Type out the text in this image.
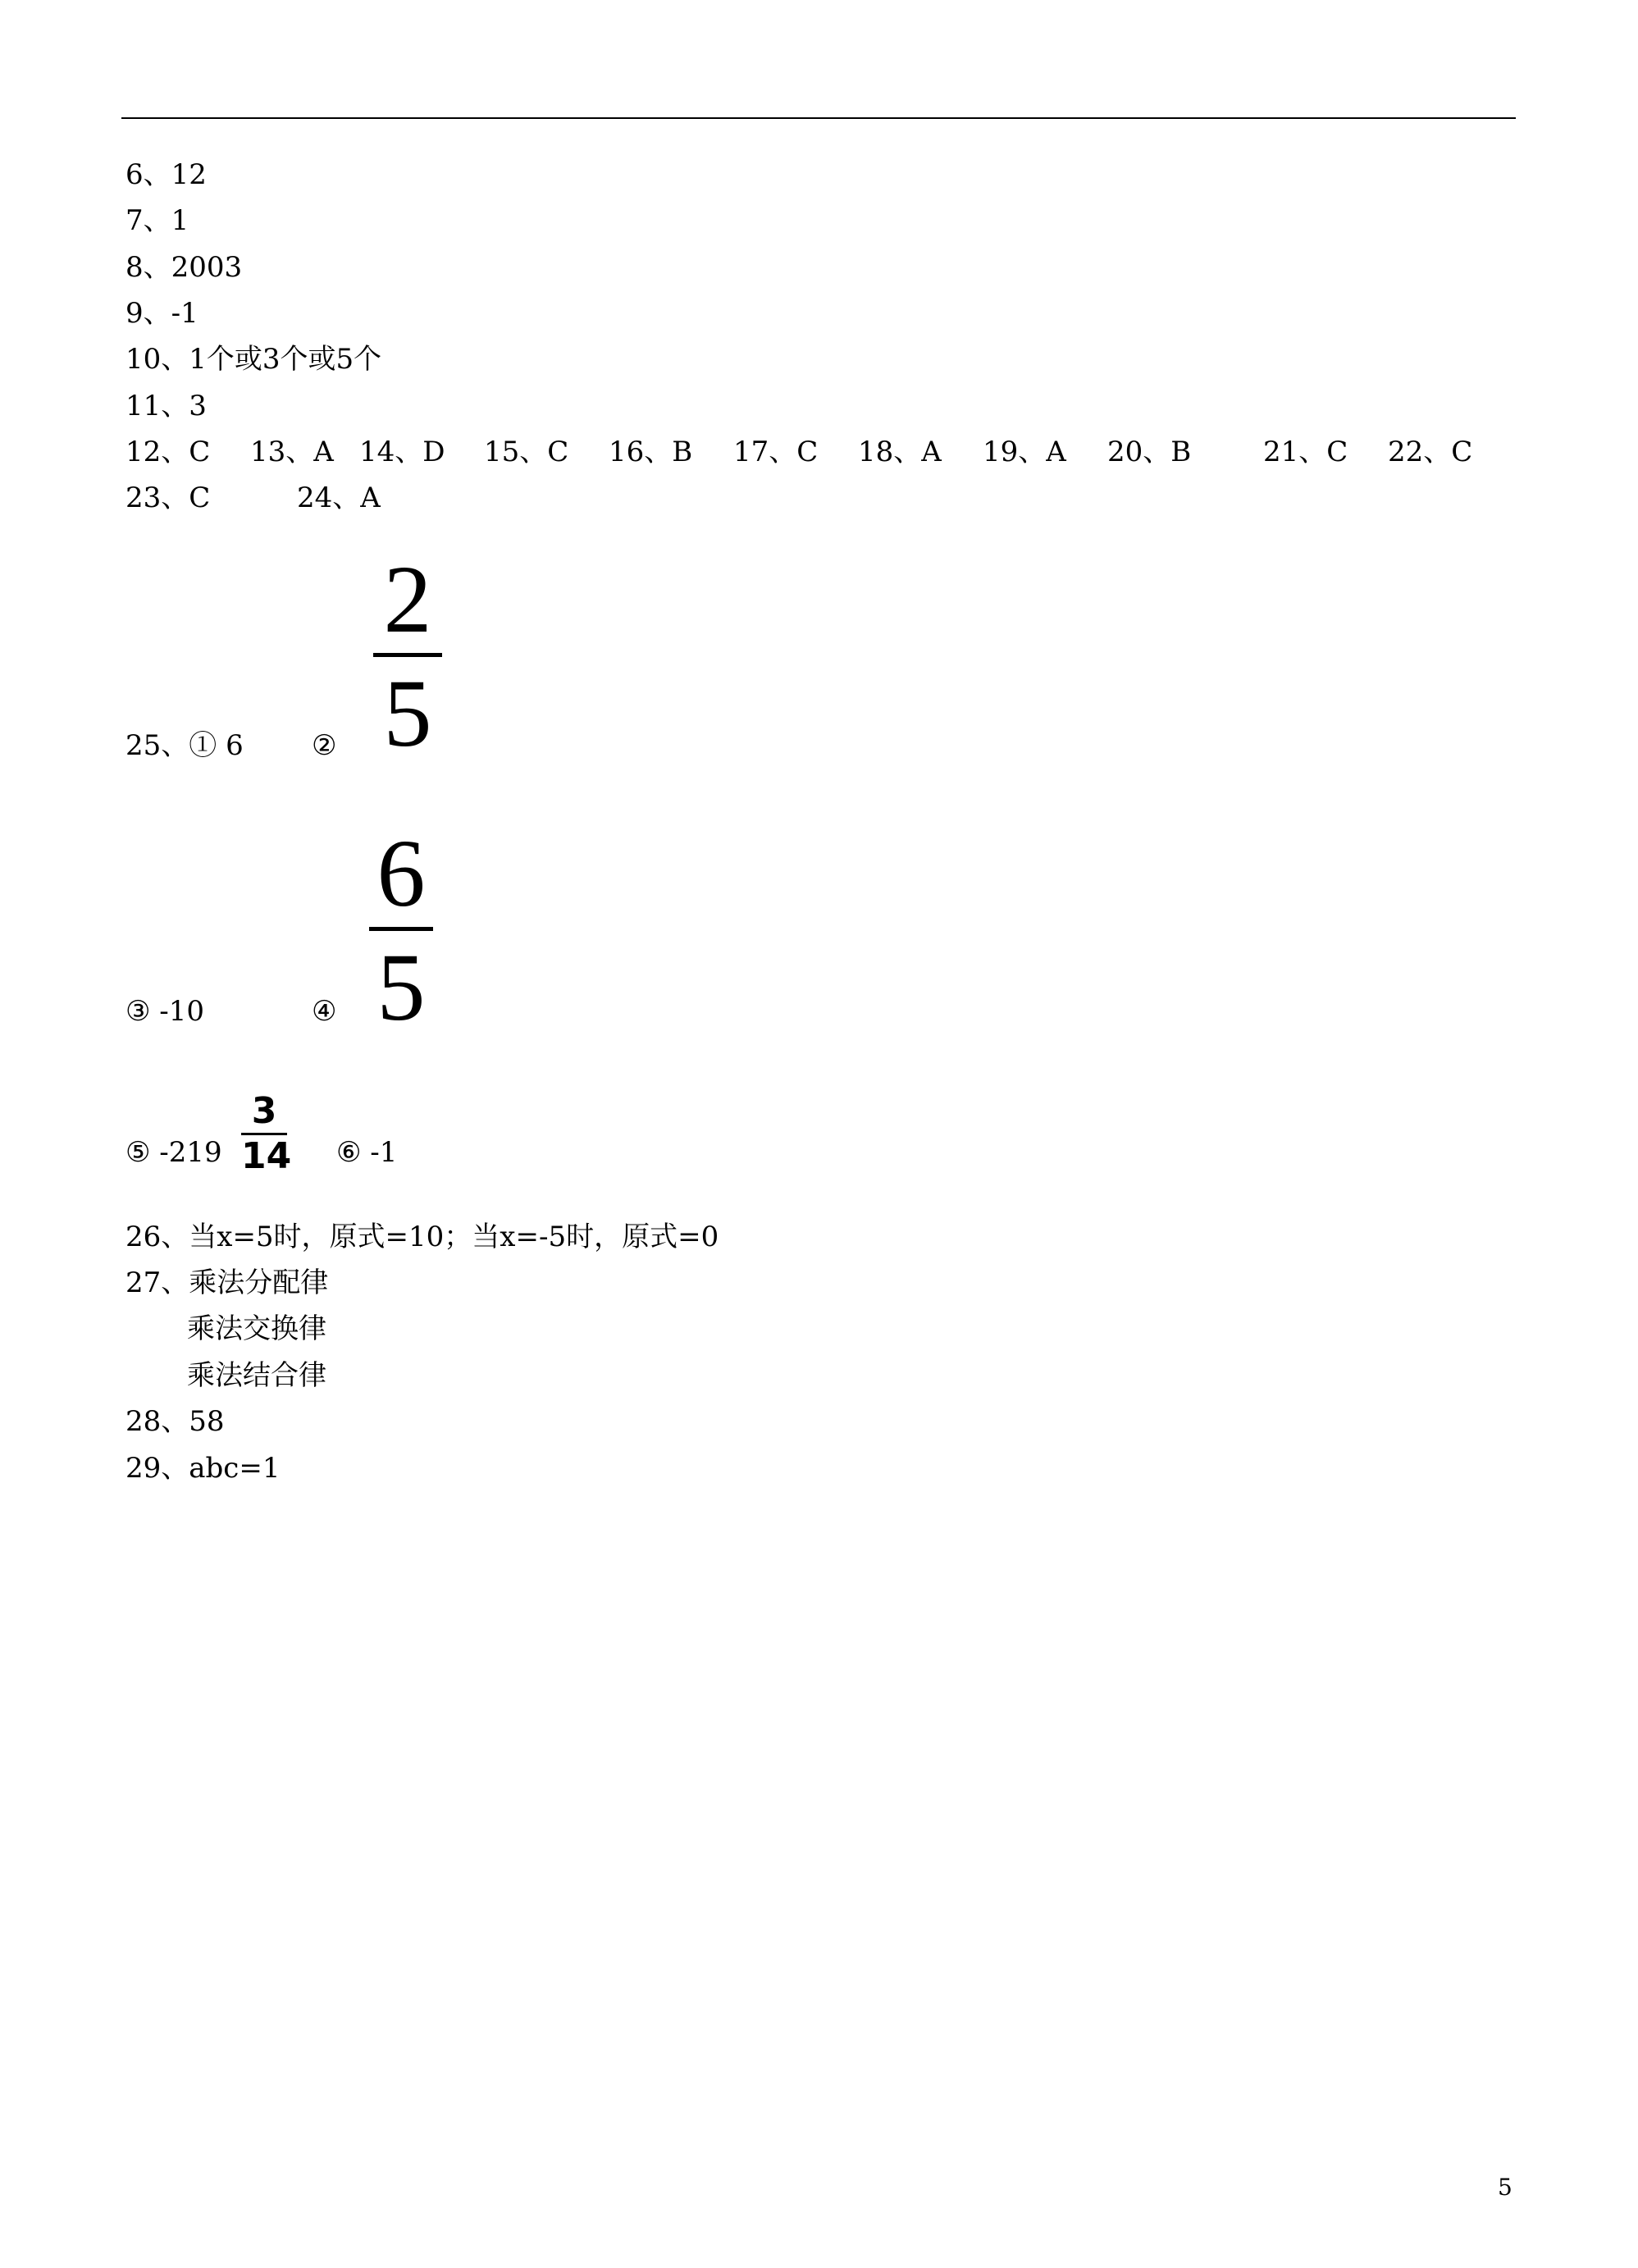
6、12
7、1
8、2003
9、-1
10、1个或3个或5个
11、3
12、C 13、A 14、D 15、C 16、B 17、C 18、A 19、A 20、B	21、C 22、C
23、C	24、A
25、① 6 ②
2
5
③ -10	④
6
5
⑤ -219
3
14 ⑥ -1
26、当x=5时，原式=10；当x=-5时，原式=0
27、乘法分配律
乘法交换律
乘法结合律
28、58
29、abc=1
5
